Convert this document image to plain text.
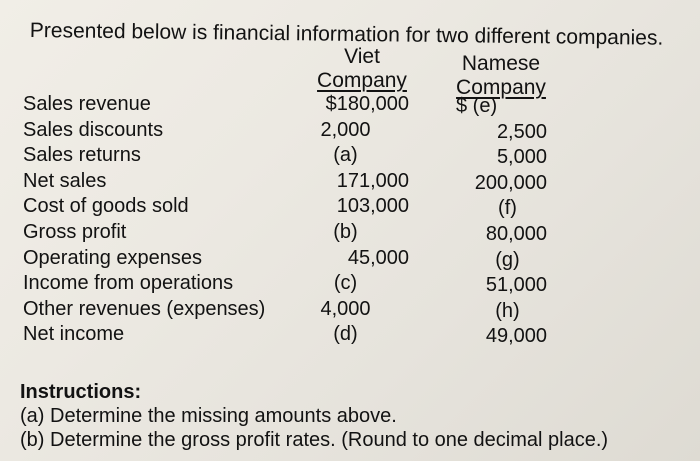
Presented below is financial information for two different companies.
Viet
Company
Namese
Company
Sales revenue
Sales discounts
Sales returns
Net sales
Cost of goods sold
Gross profit
Operating expenses
Income from operations
Other revenues (expenses)
Net income
$180,000
2,000
(a)
171,000
103,000
(b)
45,000
(c)
4,000
(d)
$ (e)
2,500
5,000
200,000
(f)
80,000
(g)
51,000
(h)
49,000
Instructions:
(a) Determine the missing amounts above.
(b) Determine the gross profit rates. (Round to one decimal place.)
